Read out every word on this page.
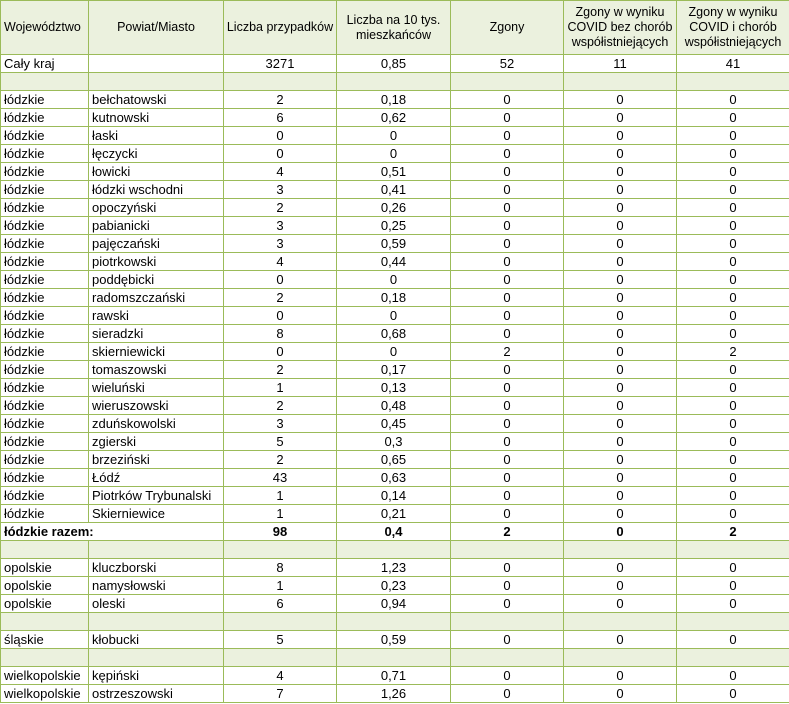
Województwo	Powiat/Miasto	Liczba przypadków	Liczba na 10 tys. mieszkańców	Zgony	Zgony w wyniku COVID bez chorób współistniejących	Zgony w wyniku COVID i chorób współistniejących
Cały kraj		3271	0,85	52	11	41

łódzkie	bełchatowski	2	0,18	0	0	0
łódzkie	kutnowski	6	0,62	0	0	0
łódzkie	łaski	0	0	0	0	0
łódzkie	łęczycki	0	0	0	0	0
łódzkie	łowicki	4	0,51	0	0	0
łódzkie	łódzki wschodni	3	0,41	0	0	0
łódzkie	opoczyński	2	0,26	0	0	0
łódzkie	pabianicki	3	0,25	0	0	0
łódzkie	pajęczański	3	0,59	0	0	0
łódzkie	piotrkowski	4	0,44	0	0	0
łódzkie	poddębicki	0	0	0	0	0
łódzkie	radomszczański	2	0,18	0	0	0
łódzkie	rawski	0	0	0	0	0
łódzkie	sieradzki	8	0,68	0	0	0
łódzkie	skierniewicki	0	0	2	0	2
łódzkie	tomaszowski	2	0,17	0	0	0
łódzkie	wieluński	1	0,13	0	0	0
łódzkie	wieruszowski	2	0,48	0	0	0
łódzkie	zduńskowolski	3	0,45	0	0	0
łódzkie	zgierski	5	0,3	0	0	0
łódzkie	brzeziński	2	0,65	0	0	0
łódzkie	Łódź	43	0,63	0	0	0
łódzkie	Piotrków Trybunalski	1	0,14	0	0	0
łódzkie	Skierniewice	1	0,21	0	0	0
łódzkie razem:		98	0,4	2	0	2

opolskie	kluczborski	8	1,23	0	0	0
opolskie	namysłowski	1	0,23	0	0	0
opolskie	oleski	6	0,94	0	0	0

śląskie	kłobucki	5	0,59	0	0	0

wielkopolskie	kępiński	4	0,71	0	0	0
wielkopolskie	ostrzeszowski	7	1,26	0	0	0
